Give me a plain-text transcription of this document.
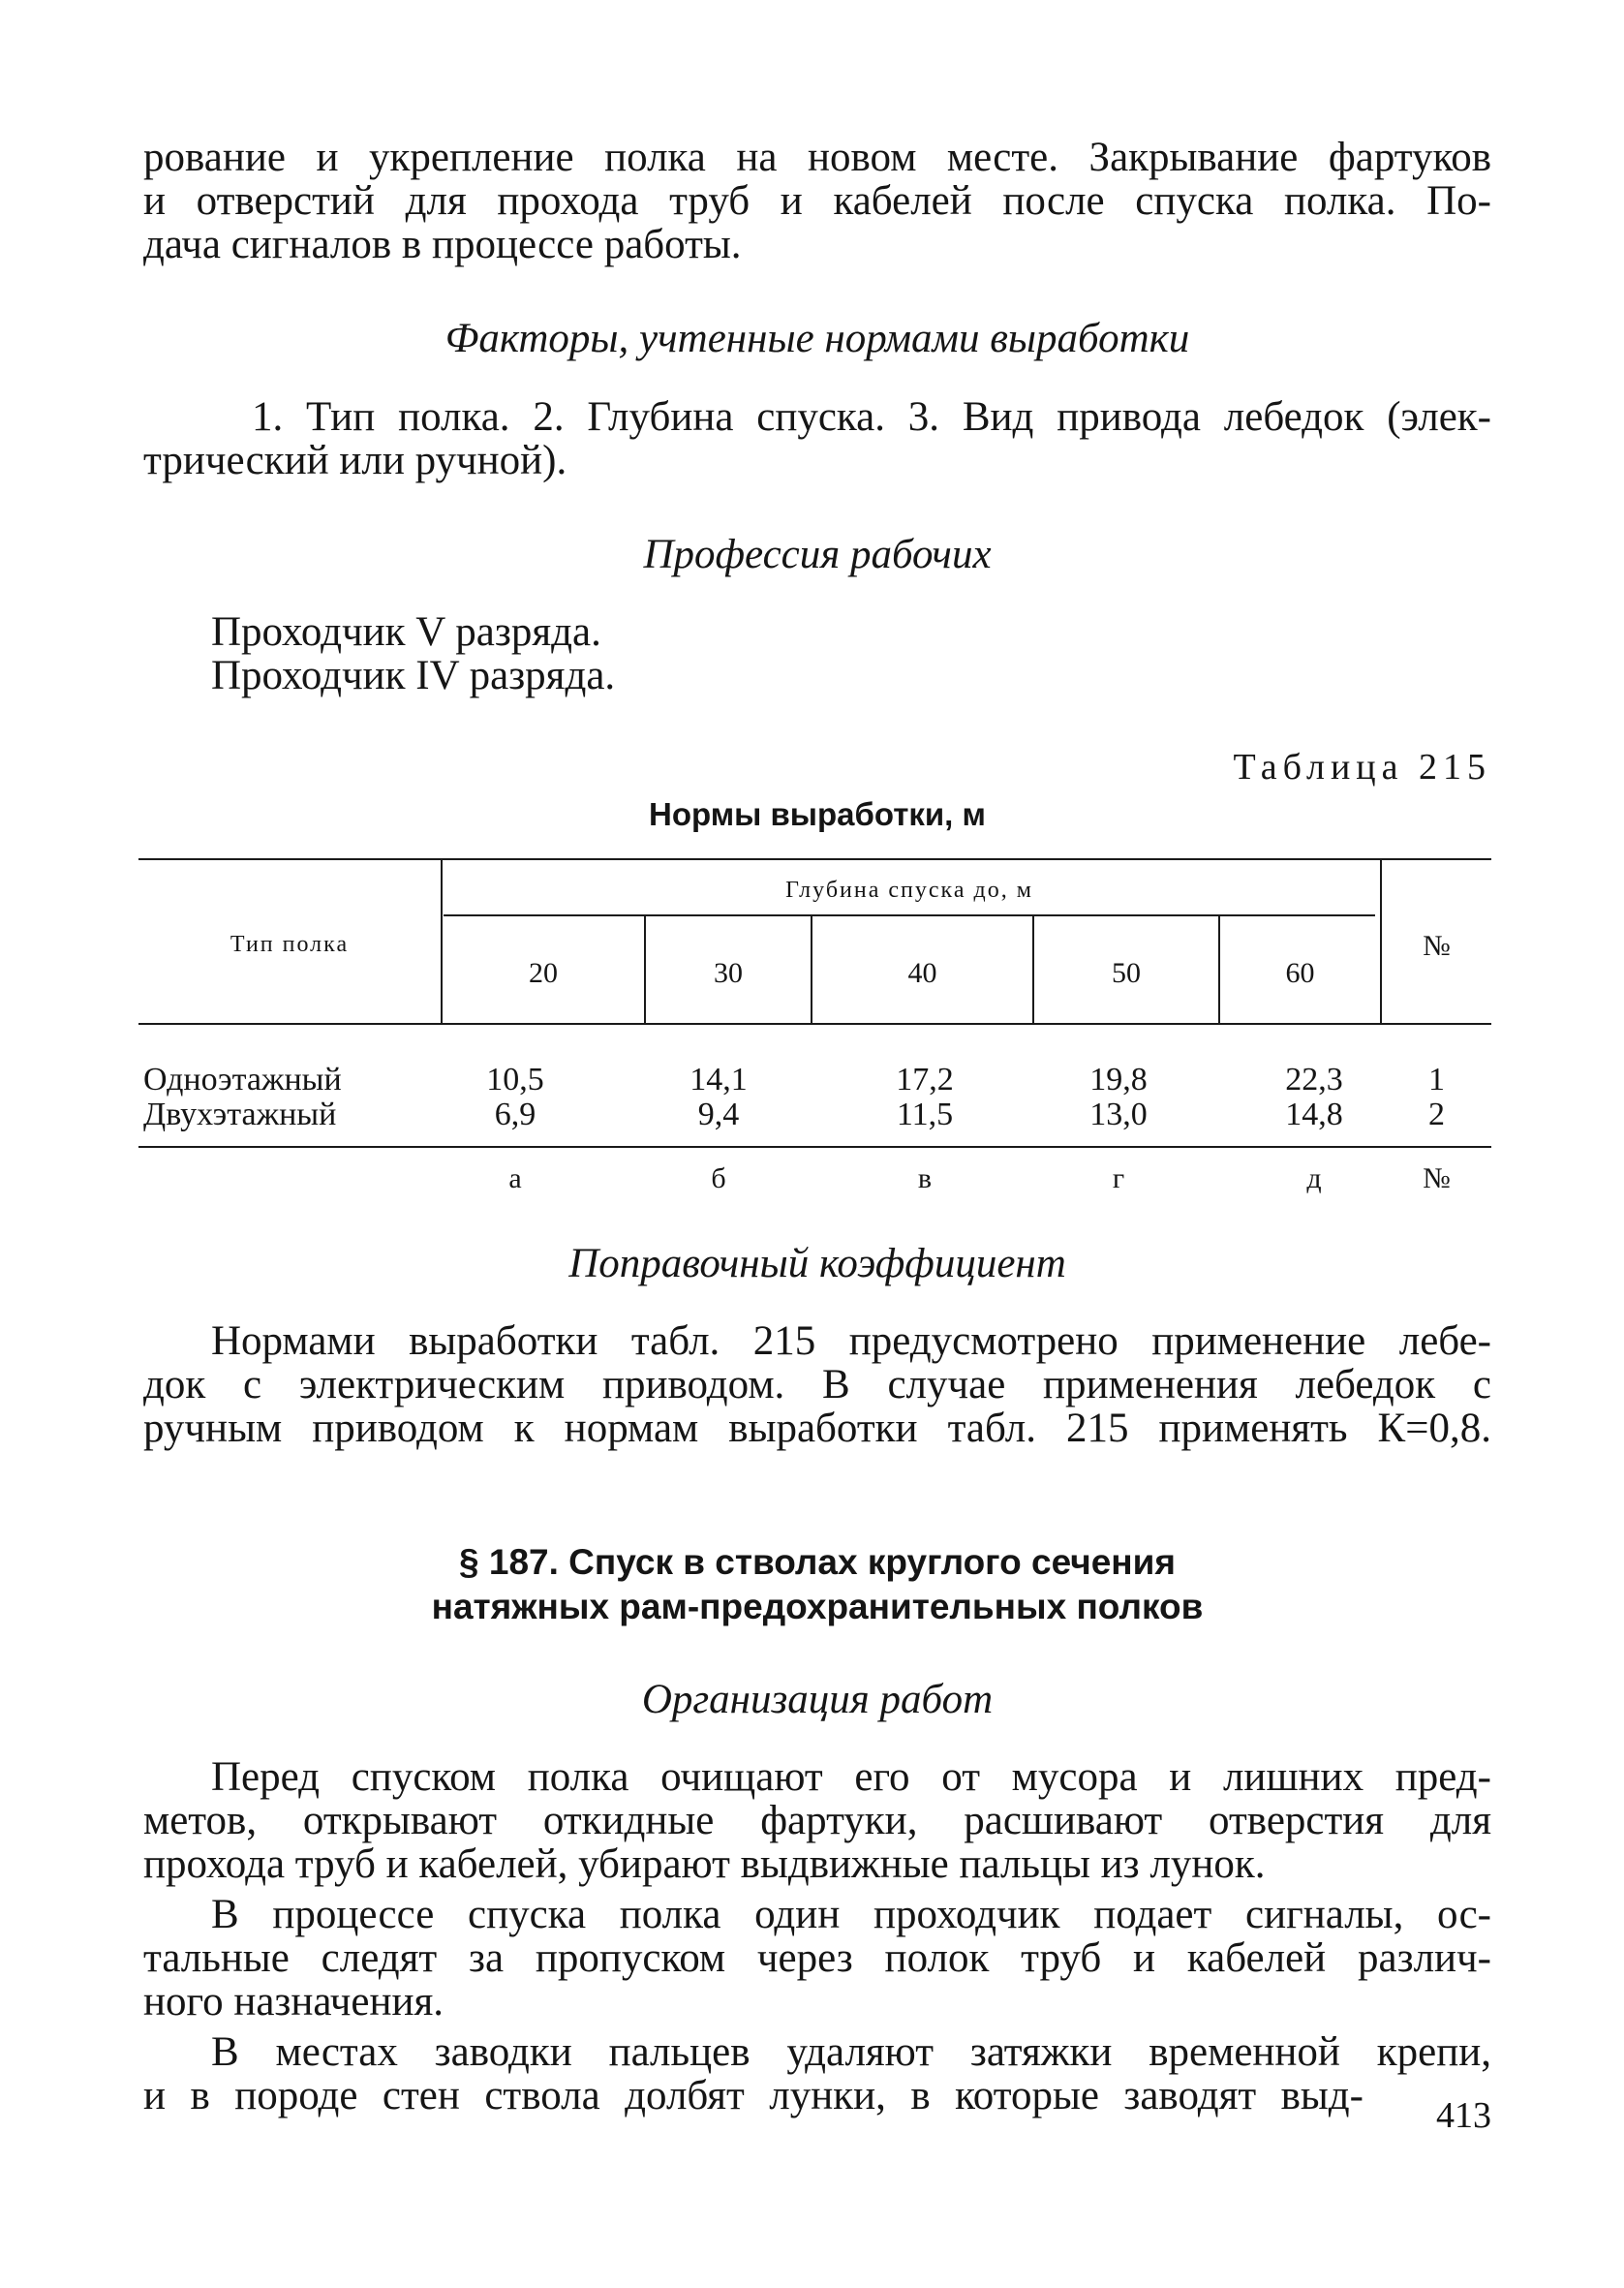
рование и укрепление полка на новом месте. Закрывание фартуков

и отверстий для прохода труб и кабелей после спуска полка. По-

дача сигналов в процессе работы.

Факторы, учтенные нормами выработки

1. Тип полка. 2. Глубина спуска. 3. Вид привода лебедок (элек-

трический или ручной).

Профессия рабочих

Проходчик V разряда.

Проходчик IV разряда.

Таблица 215

Нормы выработки, м

Тип полка

Глубина спуска до, м

№

20	30	40	50	60

Одноэтажный	10,5	14,1	17,2	19,8	22,3	1

Двухэтажный	6,9	9,4	11,5	13,0	14,8	2

а	б	в	г	д	№

Поправочный коэффициент

Нормами выработки табл. 215 предусмотрено применение лебе-

док с электрическим приводом. В случае применения лебедок с

ручным приводом к нормам выработки табл. 215 применять К=0,8.

§ 187. Спуск в стволах круглого сечения

натяжных рам-предохранительных полков

Организация работ

Перед спуском полка очищают его от мусора и лишних пред-

метов, открывают откидные фартуки, расшивают отверстия для

прохода труб и кабелей, убирают выдвижные пальцы из лунок.

В процессе спуска полка один проходчик подает сигналы, ос-

тальные следят за пропуском через полок труб и кабелей различ-

ного назначения.

В местах заводки пальцев удаляют затяжки временной крепи,

и в породе стен ствола долбят лунки, в которые заводят выд- 413
